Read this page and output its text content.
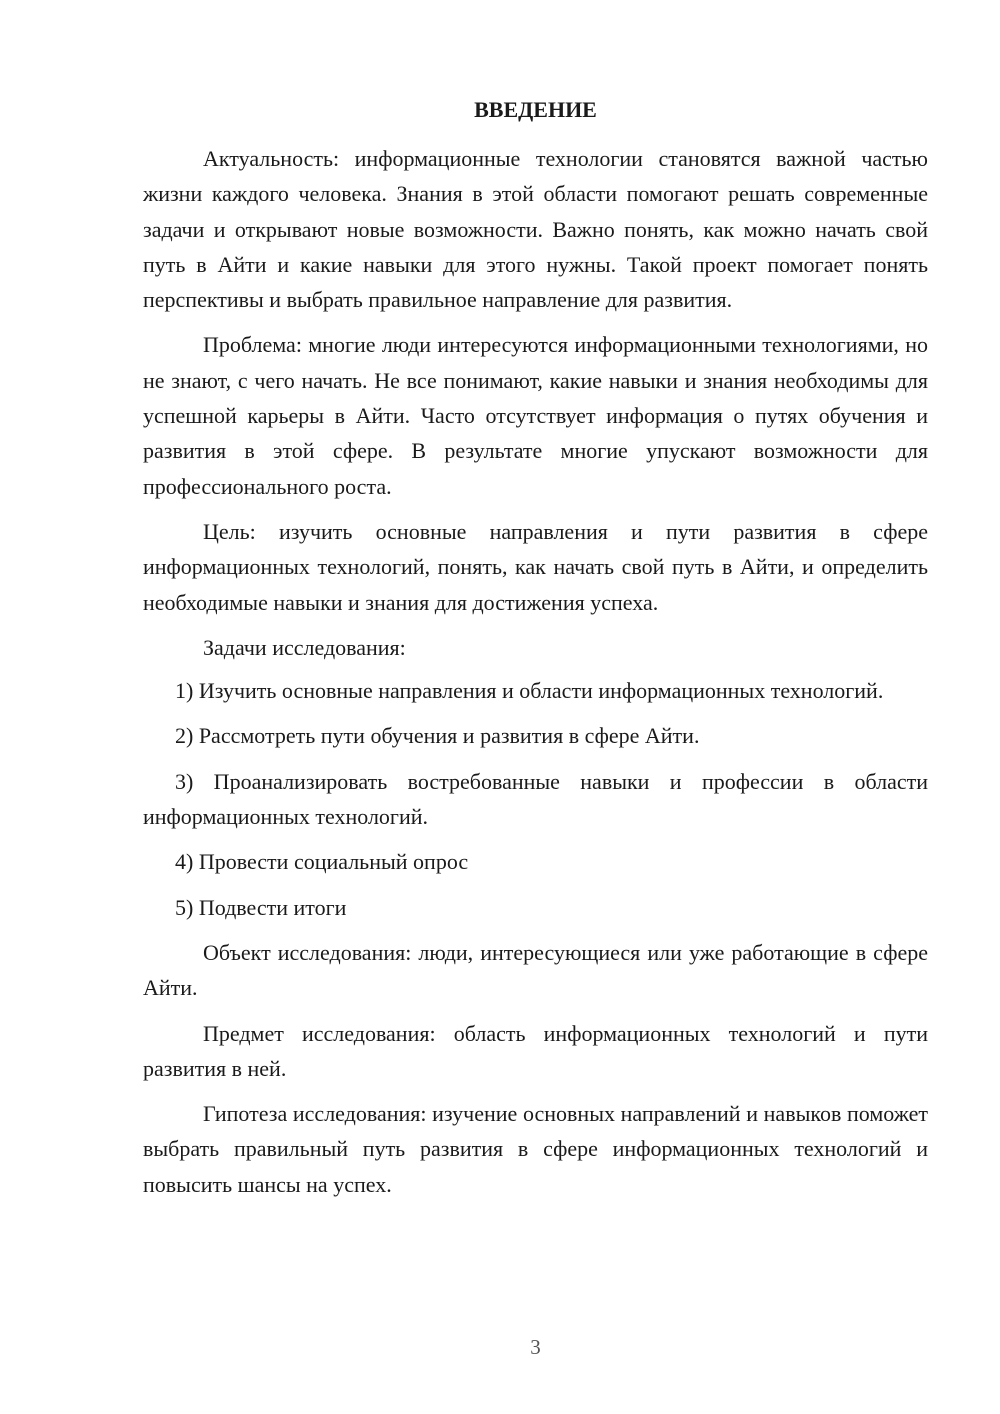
ВВЕДЕНИЕ

Актуальность: информационные технологии становятся важной частью жизни каждого человека. Знания в этой области помогают решать современные задачи и открывают новые возможности. Важно понять, как можно начать свой путь в Айти и какие навыки для этого нужны. Такой проект помогает понять перспективы и выбрать правильное направление для развития.

Проблема: многие люди интересуются информационными технологиями, но не знают, с чего начать. Не все понимают, какие навыки и знания необходимы для успешной карьеры в Айти. Часто отсутствует информация о путях обучения и развития в этой сфере. В результате многие упускают возможности для профессионального роста.

Цель: изучить основные направления и пути развития в сфере информационных технологий, понять, как начать свой путь в Айти, и определить необходимые навыки и знания для достижения успеха.

Задачи исследования:

1) Изучить основные направления и области информационных технологий.

2) Рассмотреть пути обучения и развития в сфере Айти.

3) Проанализировать востребованные навыки и профессии в области информационных технологий.

4) Провести социальный опрос

5) Подвести итоги

Объект исследования: люди, интересующиеся или уже работающие в сфере Айти.

Предмет исследования: область информационных технологий и пути развития в ней.

Гипотеза исследования: изучение основных направлений и навыков поможет выбрать правильный путь развития в сфере информационных технологий и повысить шансы на успех.

3
